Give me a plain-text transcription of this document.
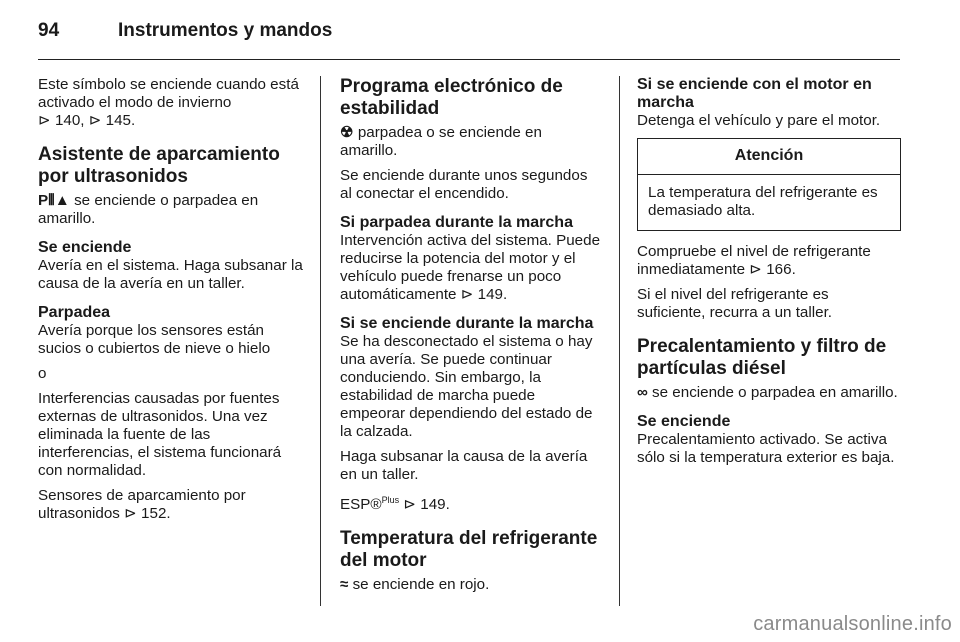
94	Instrumentos y mandos

Este símbolo se enciende cuando está activado el modo de invierno

⊳ 140, ⊳ 145.

Asistente de aparcamiento por ultrasonidos

P⦀▲ se enciende o parpadea en amarillo.

Se enciende

Avería en el sistema. Haga subsanar la causa de la avería en un taller.

Parpadea

Avería porque los sensores están sucios o cubiertos de nieve o hielo

o

Interferencias causadas por fuentes externas de ultrasonidos. Una vez eliminada la fuente de las interferencias, el sistema funcionará con normalidad.

Sensores de aparcamiento por ultrasonidos ⊳ 152.

Programa electrónico de estabilidad

☢ parpadea o se enciende en amarillo.

Se enciende durante unos segundos al conectar el encendido.

Si parpadea durante la marcha

Intervención activa del sistema. Puede reducirse la potencia del motor y el vehículo puede frenarse un poco automáticamente ⊳ 149.

Si se enciende durante la marcha

Se ha desconectado el sistema o hay una avería. Se puede continuar conduciendo. Sin embargo, la estabilidad de marcha puede empeorar dependiendo del estado de la calzada.

Haga subsanar la causa de la avería en un taller.

ESP®$^{Plus}$ ⊳ 149.

Temperatura del refrigerante del motor

≈ se enciende en rojo.

Si se enciende con el motor en marcha

Detenga el vehículo y pare el motor.

Atención
La temperatura del refrigerante es demasiado alta.

Compruebe el nivel de refrigerante inmediatamente ⊳ 166.

Si el nivel del refrigerante es suficiente, recurra a un taller.

Precalentamiento y filtro de partículas diésel

∞ se enciende o parpadea en amarillo.

Se enciende

Precalentamiento activado. Se activa sólo si la temperatura exterior es baja.

carmanualsonline.info
